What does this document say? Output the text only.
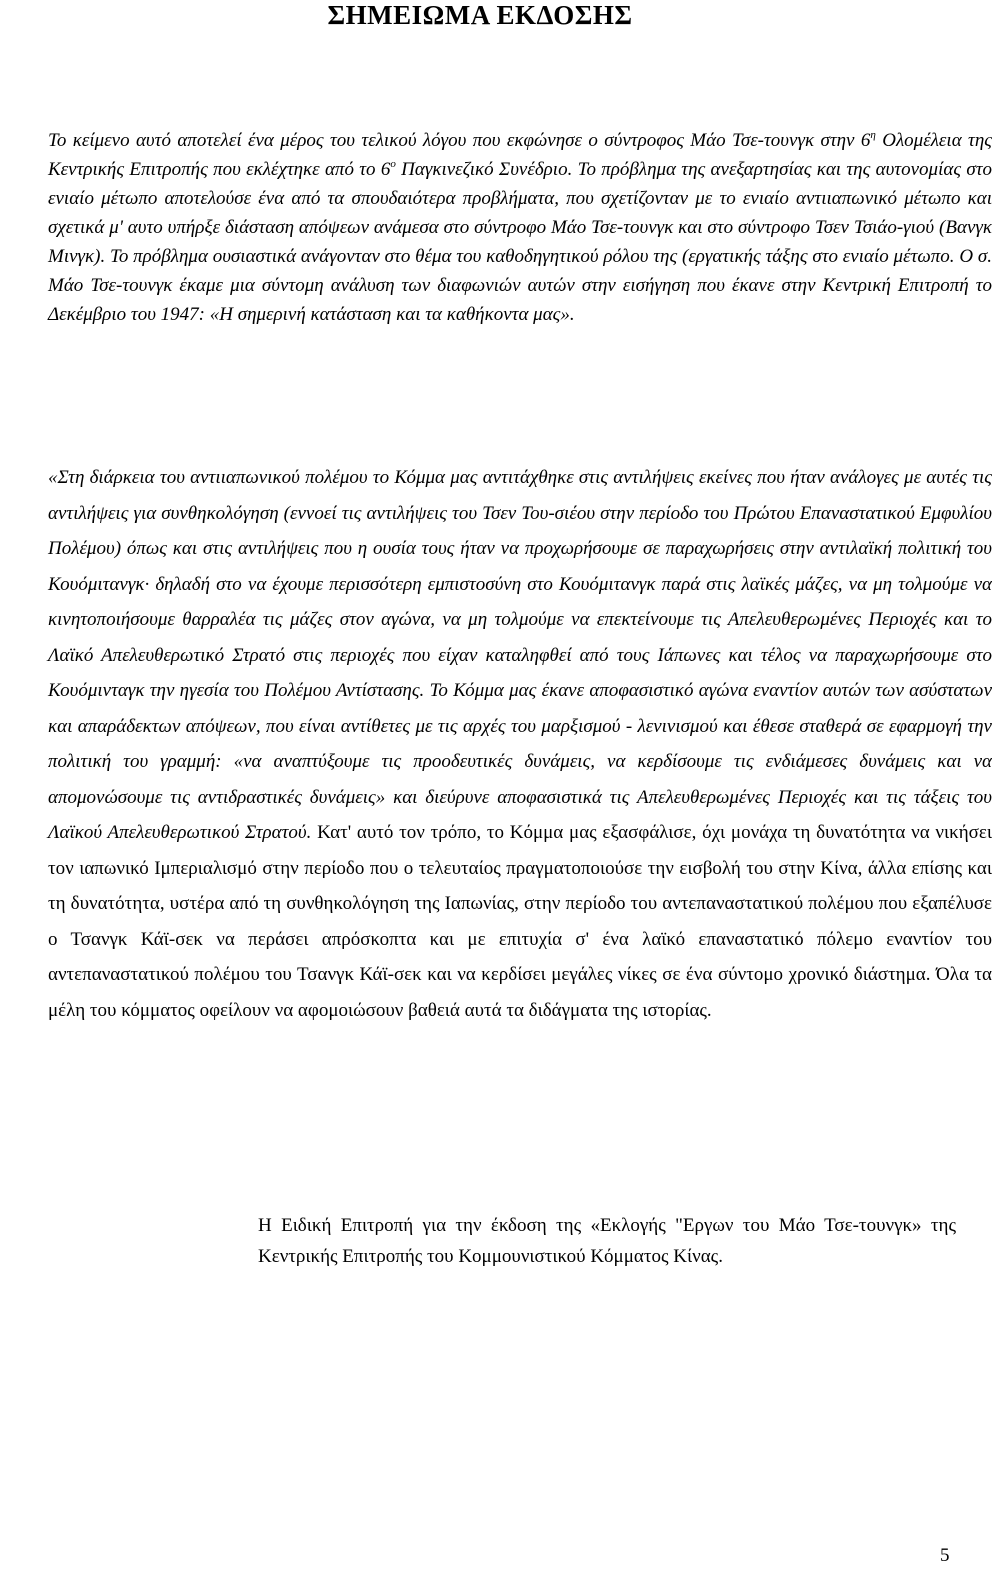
ΣΗΜΕΙΩΜΑ ΕΚΔΟΣΗΣ

Το κείμενο αυτό αποτελεί ένα μέρος του τελικού λόγου που εκφώνησε ο σύντροφος Μάο Τσε-τουνγκ στην $6^\eta$ Ολομέλεια της Κεντρικής Επιτροπής που εκλέχτηκε από το $6^o$ Παγκινεζικό Συνέδριο. Το πρόβλημα της ανεξαρτησίας και της αυτονομίας στο ενιαίο μέτωπο αποτελούσε ένα από τα σπουδαιότερα προβλήματα, που σχετίζονταν με το ενιαίο αντιιαπωνικό μέτωπο και σχετικά μ' αυτο υπήρξε διάσταση απόψεων ανάμεσα στο σύντροφο Μάο Τσε-τουνγκ και στο σύντροφο Τσεν Τσιάο-γιού (Βανγκ Μινγκ). Το πρόβλημα ουσιαστικά ανάγονταν στο θέμα του καθοδηγητικού ρόλου της (εργατικής τάξης στο ενιαίο μέτωπο. Ο σ. Μάο Τσε-τουνγκ έκαμε μια σύντομη ανάλυση των διαφωνιών αυτών στην εισήγηση που έκανε στην Κεντρική Επιτροπή το Δεκέμβριο του 1947: «Η σημερινή κατάσταση και τα καθήκοντα μας».

«Στη διάρκεια του αντιιαπωνικού πολέμου το Κόμμα μας αντιτάχθηκε στις αντιλήψεις εκείνες που ήταν ανάλογες με αυτές τις αντιλήψεις για συνθηκολόγηση (εννοεί τις αντιλήψεις του Τσεν Του-σιέου στην περίοδο του Πρώτου Επαναστατικού Εμφυλίου Πολέμου) όπως και στις αντιλήψεις που η ουσία τους ήταν να προχωρήσουμε σε παραχωρήσεις στην αντιλαϊκή πολιτική του Κουόμιτανγκ· δηλαδή στο να έχουμε περισσότερη εμπιστοσύνη στο Κουόμιτανγκ παρά στις λαϊκές μάζες, να μη τολμούμε να κινητοποιήσουμε θαρραλέα τις μάζες στον αγώνα, να μη τολμούμε να επεκτείνουμε τις Απελευθερωμένες Περιοχές και το Λαϊκό Απελευθερωτικό Στρατό στις περιοχές που είχαν καταληφθεί από τους Ιάπωνες και τέλος να παραχωρήσουμε στο Κουόμινταγκ την ηγεσία του Πολέμου Αντίστασης. Το Κόμμα μας έκανε αποφασιστικό αγώνα εναντίον αυτών των ασύστατων και απαράδεκτων απόψεων, που είναι αντίθετες με τις αρχές του μαρξισμού - λενινισμού και έθεσε σταθερά σε εφαρμογή την πολιτική του γραμμή: «να αναπτύξουμε τις προοδευτικές δυνάμεις, να κερδίσουμε τις ενδιάμεσες δυνάμεις και να απομονώσουμε τις αντιδραστικές δυνάμεις» και διεύρυνε αποφασιστικά τις Απελευθερωμένες Περιοχές και τις τάξεις του Λαϊκού Απελευθερωτικού Στρατού. Κατ' αυτό τον τρόπο, το Κόμμα μας εξασφάλισε, όχι μονάχα τη δυνατότητα να νικήσει τον ιαπωνικό Ιμπεριαλισμό στην περίοδο που ο τελευταίος πραγματοποιούσε την εισβολή του στην Κίνα, άλλα επίσης και τη δυνατότητα, υστέρα από τη συνθηκολόγηση της Ιαπωνίας, στην περίοδο του αντεπαναστατικού πολέμου που εξαπέλυσε ο Τσανγκ Κάϊ-σεκ να περάσει απρόσκοπτα και με επιτυχία σ' ένα λαϊκό επαναστατικό πόλεμο εναντίον του αντεπαναστατικού πολέμου του Τσανγκ Κάϊ-σεκ και να κερδίσει μεγάλες νίκες σε ένα σύντομο χρονικό διάστημα. Όλα τα μέλη του κόμματος οφείλουν να αφομοιώσουν βαθειά αυτά τα διδάγματα της ιστορίας.

Η Ειδική Επιτροπή για την έκδοση της «Εκλογής "Εργων του Μάο Τσε-τουνγκ» της Κεντρικής Επιτροπής του Κομμουνιστικού Κόμματος Κίνας.

5
